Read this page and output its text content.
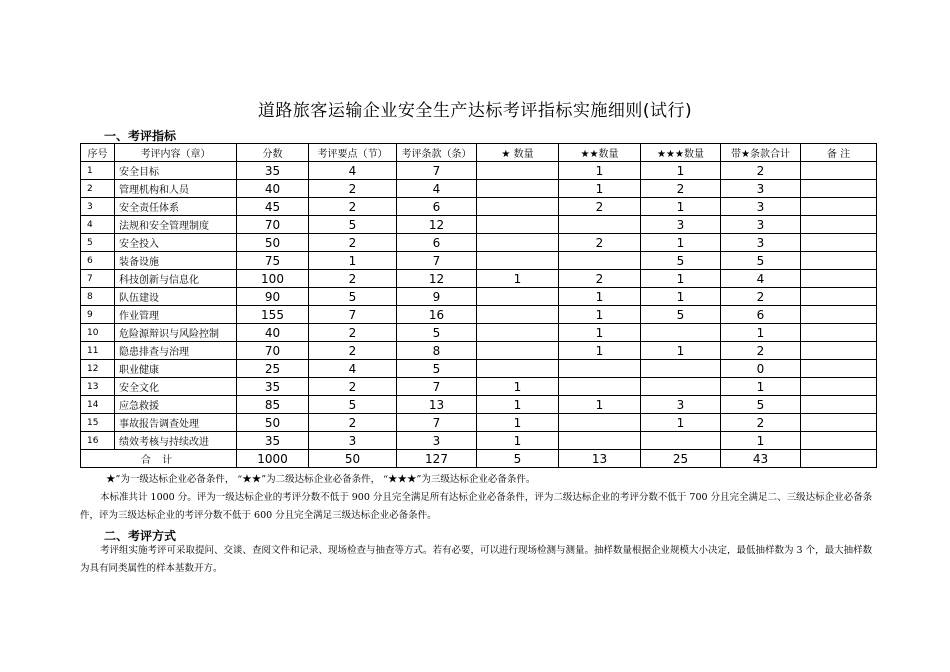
道路旅客运输企业安全生产达标考评指标实施细则(试行)
一、考评指标
序号	考评内容（章）	分数	考评要点（节）	考评条款（条）	★ 数量	★★数量	★★★数量	带★条款合计	备 注
1	安全目标	35	4	7		1	1	2	
2	管理机构和人员	40	2	4		1	2	3	
3	安全责任体系	45	2	6		2	1	3	
4	法规和安全管理制度	70	5	12			3	3	
5	安全投入	50	2	6		2	1	3	
6	装备设施	75	1	7			5	5	
7	科技创新与信息化	100	2	12	1	2	1	4	
8	队伍建设	90	5	9		1	1	2	
9	作业管理	155	7	16		1	5	6	
10	危险源辩识与风险控制	40	2	5		1		1	
11	隐患排查与治理	70	2	8		1	1	2	
12	职业健康	25	4	5				0	
13	安全文化	35	2	7	1			1	
14	应急救援	85	5	13	1	1	3	5	
15	事故报告调查处理	50	2	7	1		1	2	
16	绩效考核与持续改进	35	3	3	1			1	
合 计		1000	50	127	5	13	25	43	
★”为一级达标企业必备条件， “★★”为二级达标企业必备条件， “★★★”为三级达标企业必备条件。
本标准共计 1000 分。评为一级达标企业的考评分数不低于 900 分且完全满足所有达标企业必备条件，评为二级达标企业的考评分数不低于 700 分且完全满足二、三级达标企业必备条件，评为三级达标企业的考评分数不低于 600 分且完全满足三级达标企业必备条件。
二、考评方式
考评组实施考评可采取提问、交谈、查阅文件和记录、现场检查与抽查等方式。若有必要，可以进行现场检测与测量。抽样数量根据企业规模大小决定，最低抽样数为 3 个，最大抽样数为具有同类属性的样本基数开方。
